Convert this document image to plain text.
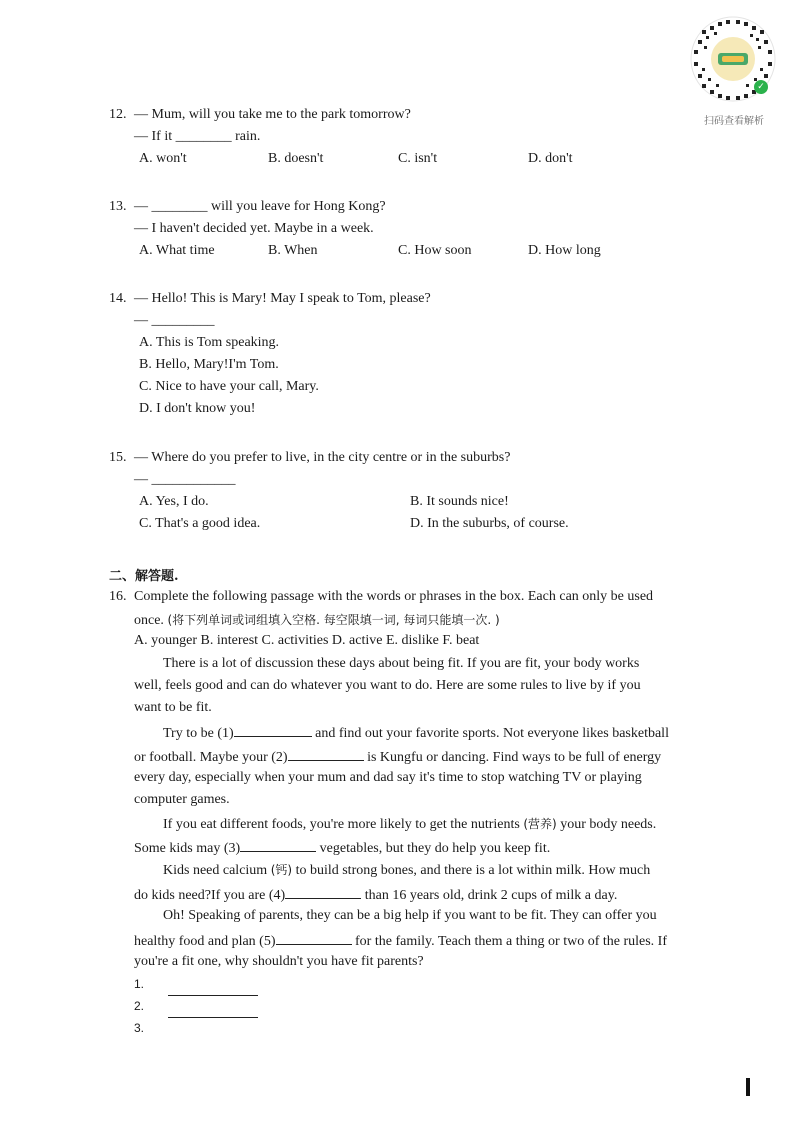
✓
扫码查看解析
12. — Mum, will you take me to the park tomorrow?
— If it ________ rain.
A. won't	B. doesn't	C. isn't	D. don't
13. — ________ will you leave for Hong Kong?
— I haven't decided yet. Maybe in a week.
A. What time	B. When	C. How soon	D. How long
14. — Hello! This is Mary! May I speak to Tom, please?
— _________
A. This is Tom speaking.
B. Hello, Mary!I'm Tom.
C. Nice to have your call, Mary.
D. I don't know you!
15. — Where do you prefer to live, in the city centre or in the suburbs?
— ____________
A. Yes, I do.	B. It sounds nice!
C. That's a good idea.	D. In the suburbs, of course.
二、解答题.
16. Complete the following passage with the words or phrases in the box. Each can only be used
once. (将下列单词或词组填入空格. 每空限填一词, 每词只能填一次. )
A. younger B. interest C. activities D. active E. dislike F. beat
There is a lot of discussion these days about being fit. If you are fit, your body works
well, feels good and can do whatever you want to do. Here are some rules to live by if you
want to be fit.
Try to be (1)	and find out your favorite sports. Not everyone likes basketball
or football. Maybe your (2)	is Kungfu or dancing. Find ways to be full of energy
every day, especially when your mum and dad say it's time to stop watching TV or playing
computer games.
If you eat different foods, you're more likely to get the nutrients (营养) your body needs.
Some kids may (3)	vegetables, but they do help you keep fit.
Kids need calcium (钙) to build strong bones, and there is a lot within milk. How much
do kids need?If you are (4)	than 16 years old, drink 2 cups of milk a day.
Oh! Speaking of parents, they can be a big help if you want to be fit. They can offer you
healthy food and plan (5)	for the family. Teach them a thing or two of the rules. If
you're a fit one, why shouldn't you have fit parents?
1.
2.
3.
